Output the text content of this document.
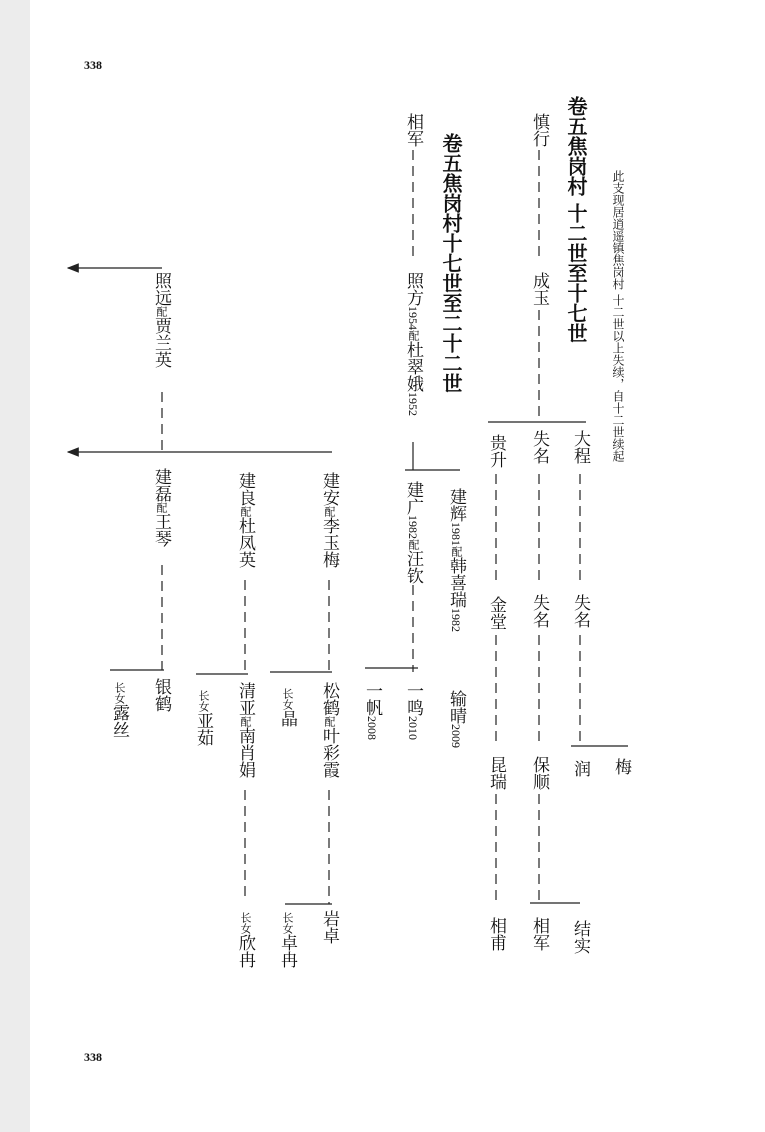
338
338
此支现居逍遥镇焦岗村 十二世以上失续，自十二世续起
卷五焦岗村 十二世至十七世
卷五焦岗村十七世至二十二世
大程
失名
梅
失名
失名
润
结实
慎行
成玉
保顺
相军
贵升
金堂
昆瑞
相甫
相军
照方1954配杜翠娥1952
建辉1981配韩喜瑞1982
输晴2009
建广1982配汪钦
一鸣2010
一帆2008
建安配李玉梅
松鹤配叶彩霞
长女晶
岩卓
长女卓冉
建良配杜凤英
清亚配南肖娟
长女亚茹
长女欣冉
照远配贾兰英
建磊配王琴
银鹤
长女露丝
